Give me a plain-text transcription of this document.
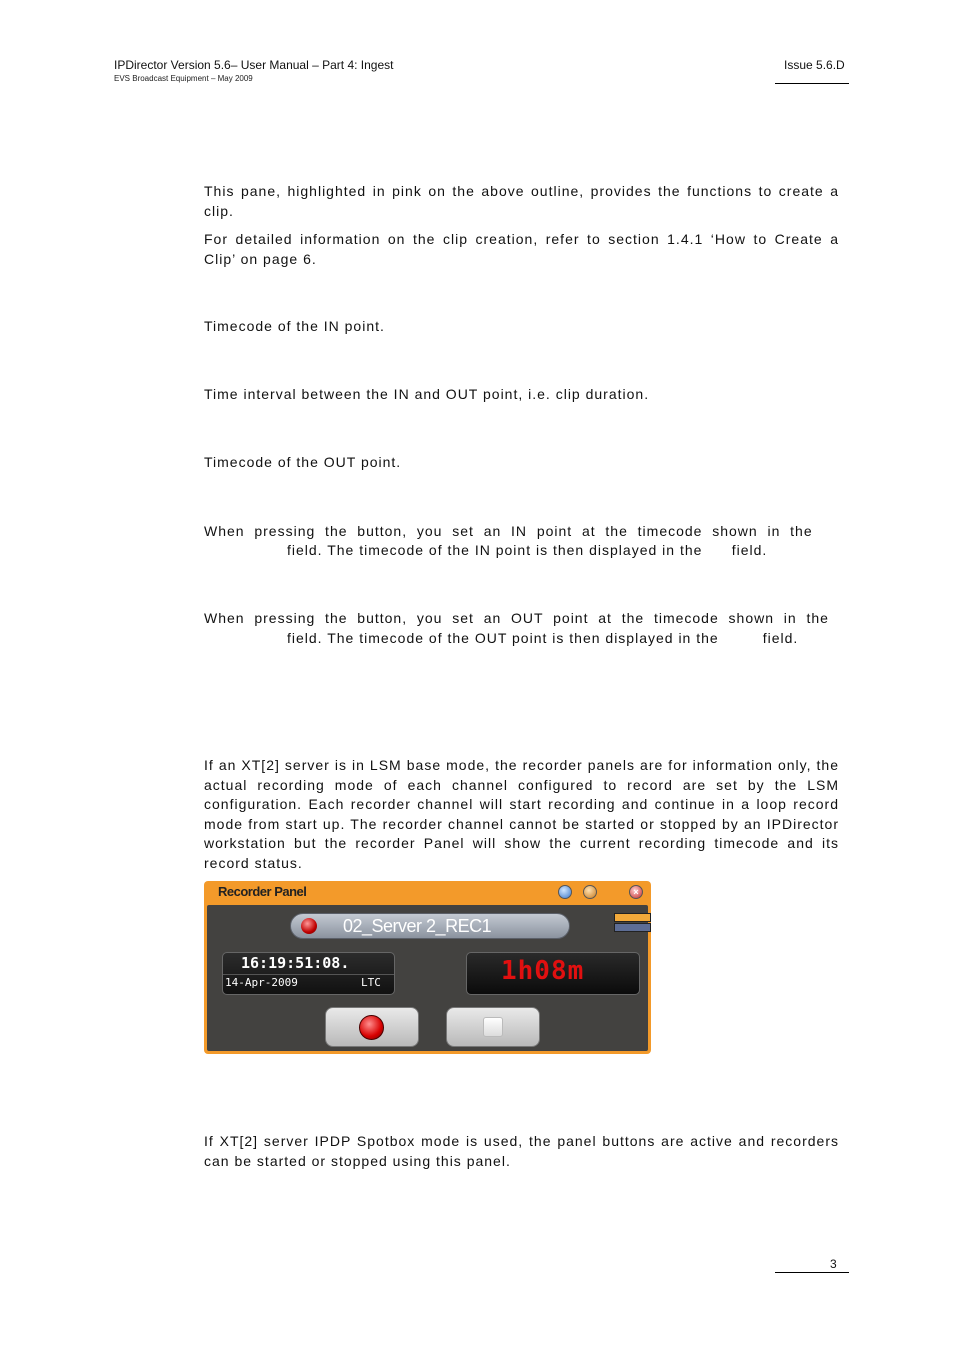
IPDirector Version 5.6– User Manual – Part 4: Ingest
EVS Broadcast Equipment – May 2009
Issue 5.6.D

This pane, highlighted in pink on the above outline, provides the functions to create a clip.

For detailed information on the clip creation, refer to section 1.4.1 ‘How to Create a Clip’ on page 6.

Timecode of the IN point.
Time interval between the IN and OUT point, i.e. clip duration.
Timecode of the OUT point.
When  pressing  the  button,  you  set  an  IN  point  at  the  timecode  shown  in  the
field. The timecode of the IN point is then displayed in the      field.
When  pressing  the  button,  you  set  an  OUT  point  at  the  timecode  shown  in  the
field. The timecode of the OUT point is then displayed in the         field.

If an XT[2] server is in LSM base mode, the recorder panels are for information only, the actual recording mode of each channel configured to record are set by the LSM configuration. Each recorder channel will start recording and continue in a loop record mode from start up. The recorder channel cannot be started or stopped by an IPDirector workstation but the recorder Panel will show the current recording timecode and its record status.

Recorder Panel	×
02_Server 2_REC1
16:19:51:08.
14-Apr-2009	LTC	1h08m

If XT[2] server IPDP Spotbox mode is used, the panel buttons are active and recorders can be started or stopped using this panel.

3
